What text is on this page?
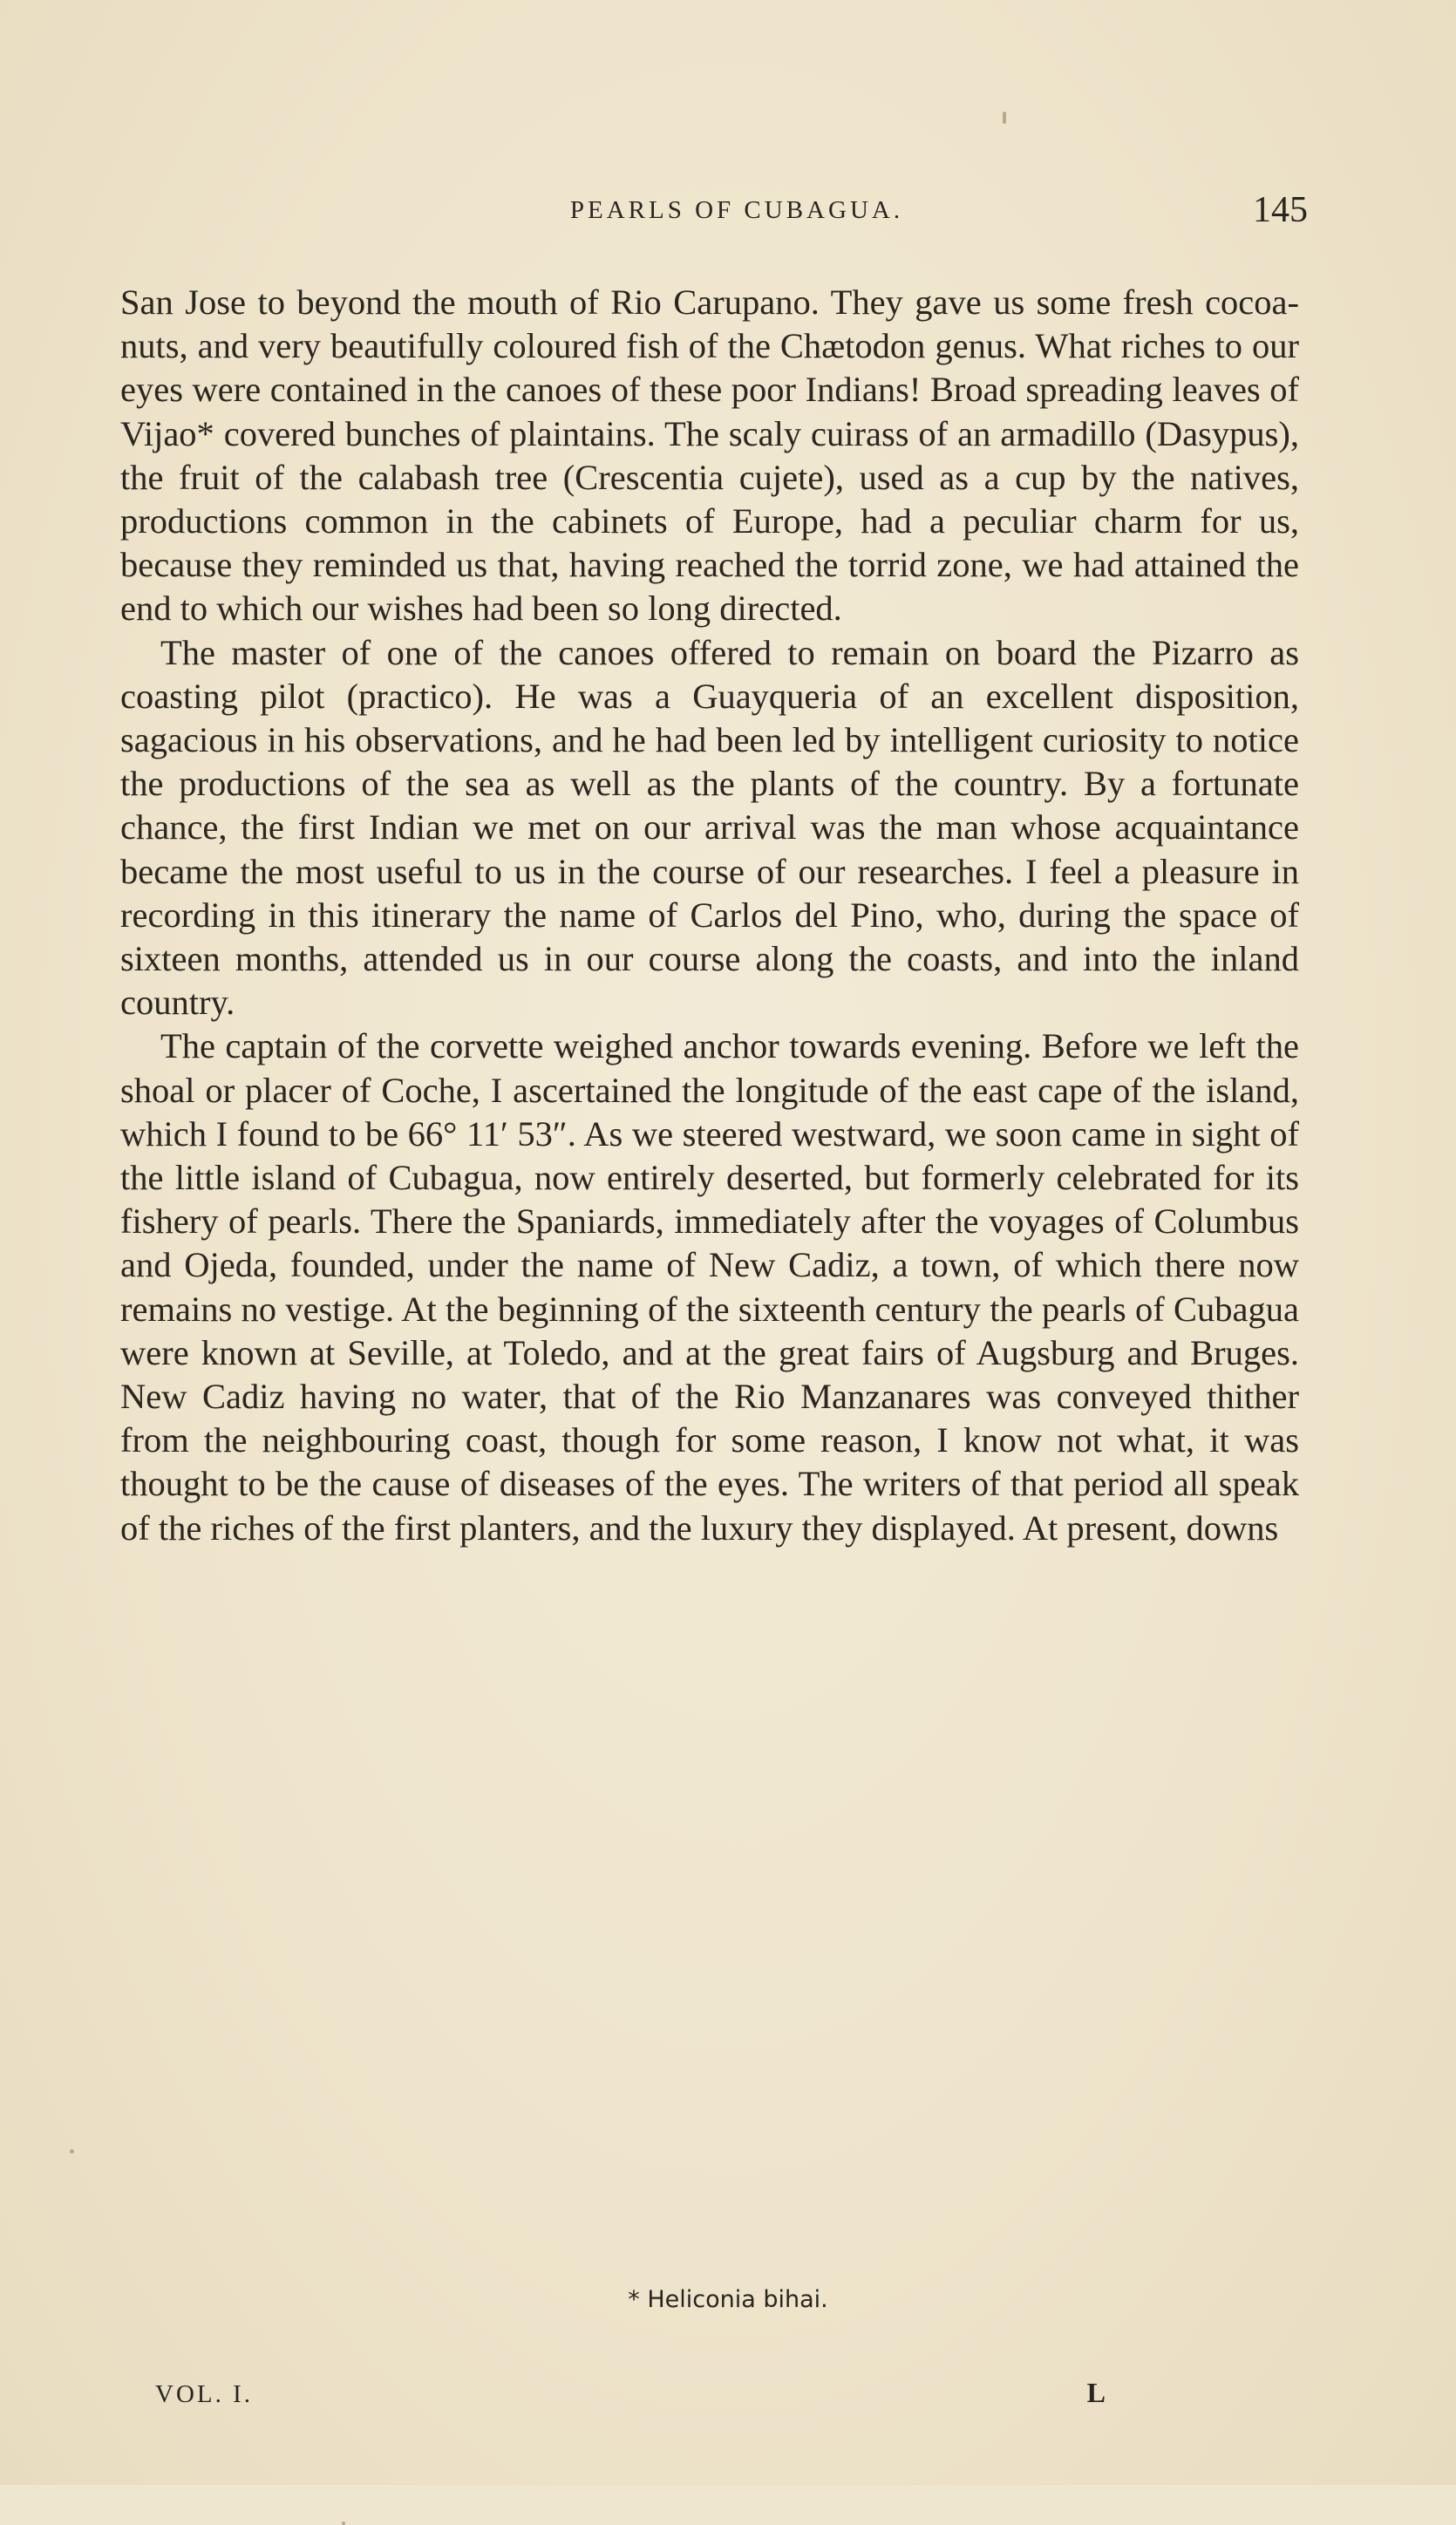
PEARLS OF CUBAGUA.	145

San Jose to beyond the mouth of Rio Carupano. They gave us some fresh cocoa-nuts, and very beautifully coloured fish of the Chætodon genus. What riches to our eyes were contained in the canoes of these poor Indians! Broad spreading leaves of Vijao* covered bunches of plaintains. The scaly cuirass of an armadillo (Dasypus), the fruit of the calabash tree (Crescentia cujete), used as a cup by the natives, productions common in the cabinets of Europe, had a peculiar charm for us, because they reminded us that, having reached the torrid zone, we had attained the end to which our wishes had been so long directed.

The master of one of the canoes offered to remain on board the Pizarro as coasting pilot (practico). He was a Guayqueria of an excellent disposition, sagacious in his observations, and he had been led by intelligent curiosity to notice the productions of the sea as well as the plants of the country. By a fortunate chance, the first Indian we met on our arrival was the man whose acquaintance became the most useful to us in the course of our researches. I feel a pleasure in recording in this itinerary the name of Carlos del Pino, who, during the space of sixteen months, attended us in our course along the coasts, and into the inland country.

The captain of the corvette weighed anchor towards evening. Before we left the shoal or placer of Coche, I ascertained the longitude of the east cape of the island, which I found to be 66° 11′ 53″. As we steered westward, we soon came in sight of the little island of Cubagua, now entirely deserted, but formerly celebrated for its fishery of pearls. There the Spaniards, immediately after the voyages of Columbus and Ojeda, founded, under the name of New Cadiz, a town, of which there now remains no vestige. At the beginning of the sixteenth century the pearls of Cubagua were known at Seville, at Toledo, and at the great fairs of Augsburg and Bruges. New Cadiz having no water, that of the Rio Manzanares was conveyed thither from the neighbouring coast, though for some reason, I know not what, it was thought to be the cause of diseases of the eyes. The writers of that period all speak of the riches of the first planters, and the luxury they displayed. At present, downs

* Heliconia bihai.
VOL. I.	L
